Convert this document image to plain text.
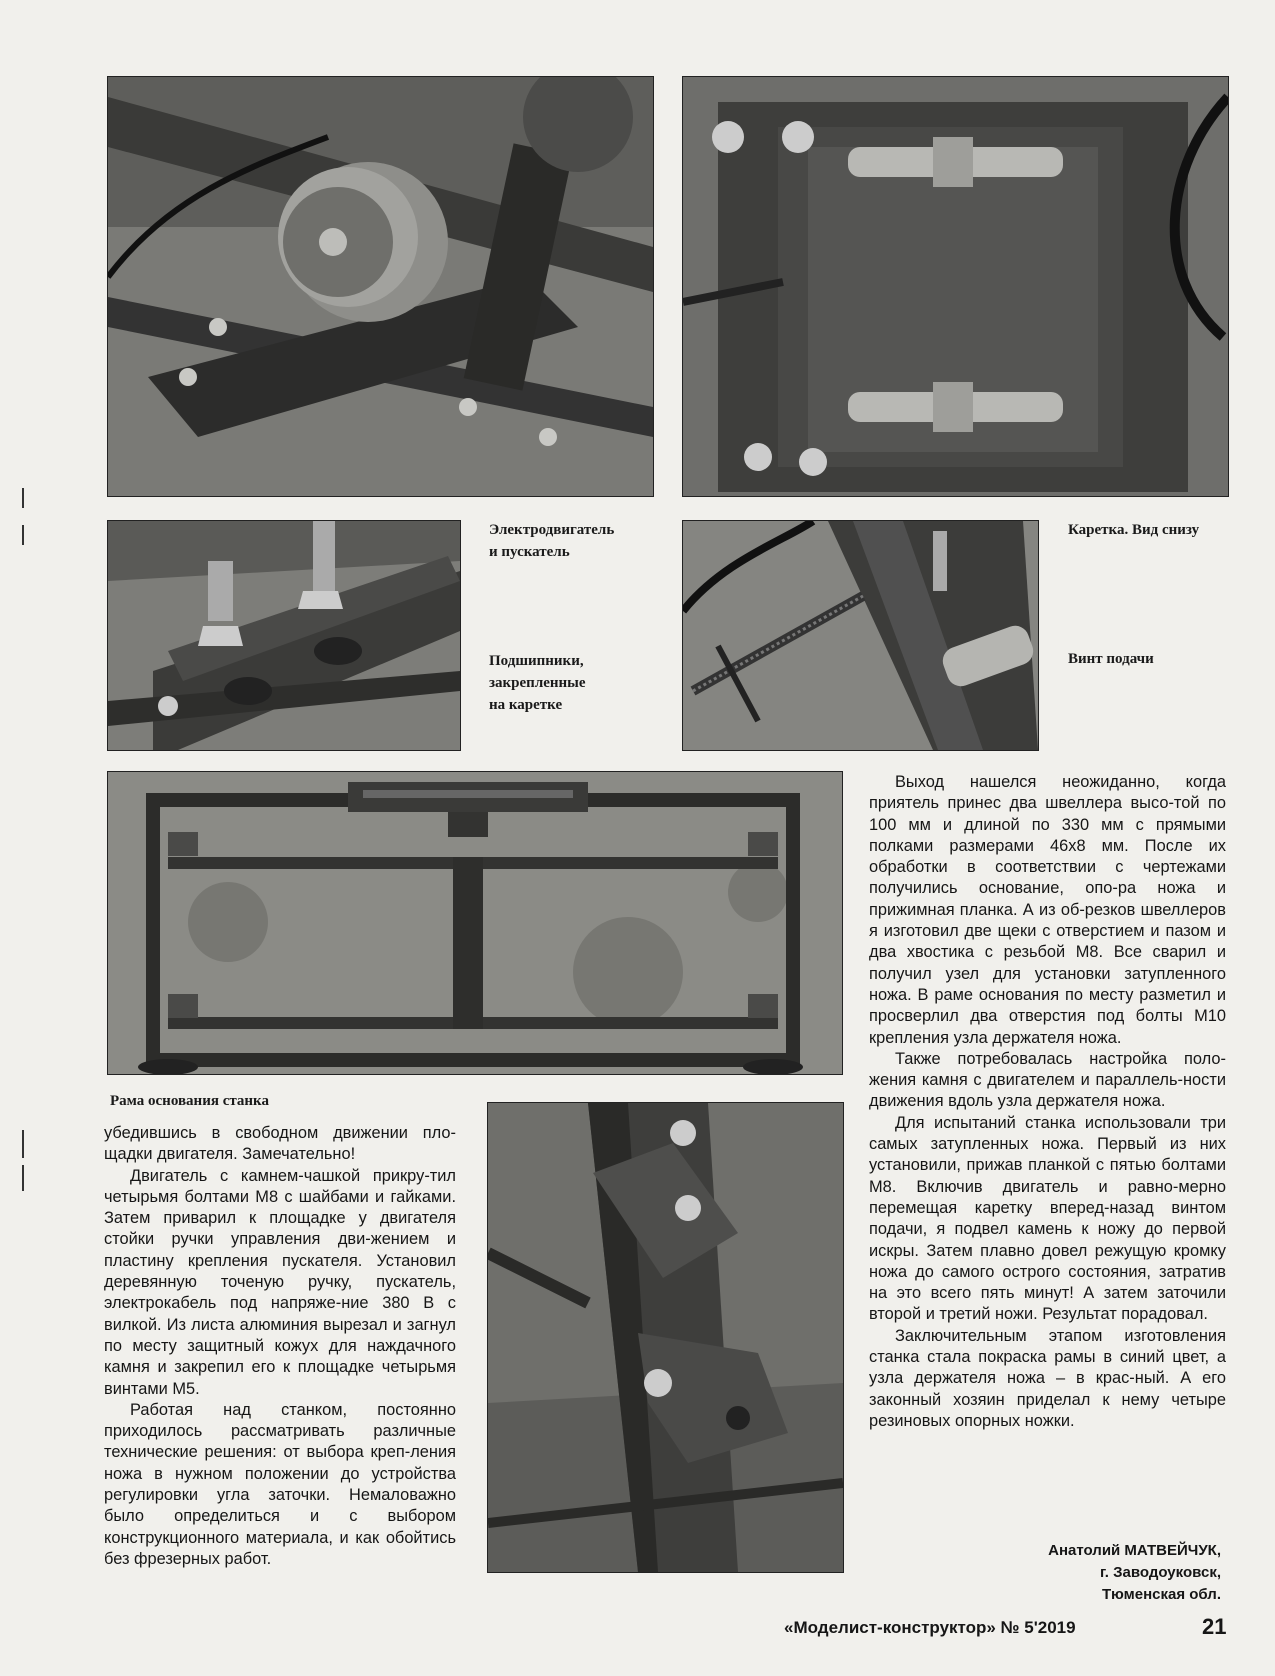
Электродвигатель
и пускатель
Каретка. Вид снизу
Подшипники,
закрепленные
на каретке
Винт подачи
Рама основания станка

убедившись в свободном движении пло-щадки двигателя. Замечательно!

Двигатель с камнем-чашкой прикру-тил четырьмя болтами М8 с шайбами и гайками. Затем приварил к площадке у двигателя стойки ручки управления дви-жением и пластину крепления пускателя. Установил деревянную точеную ручку, пускатель, электрокабель под напряже-ние 380 В с вилкой. Из листа алюминия вырезал и загнул по месту защитный кожух для наждачного камня и закрепил его к площадке четырьмя винтами М5.

Работая над станком, постоянно приходилось рассматривать различные технические решения: от выбора креп-ления ножа в нужном положении до устройства регулировки угла заточки. Немаловажно было определиться и с выбором конструкционного материала, и как обойтись без фрезерных работ.

Выход нашелся неожиданно, когда приятель принес два швеллера высо-той по 100 мм и длиной по 330 мм с прямыми полками размерами 46х8 мм. После их обработки в соответствии с чертежами получились основание, опо-ра ножа и прижимная планка. А из об-резков швеллеров я изготовил две щеки с отверстием и пазом и два хвостика с резьбой М8. Все сварил и получил узел для установки затупленного ножа. В раме основания по месту разметил и просверлил два отверстия под болты М10 крепления узла держателя ножа.

Также потребовалась настройка поло-жения камня с двигателем и параллель-ности движения вдоль узла держателя ножа.

Для испытаний станка использовали три самых затупленных ножа. Первый из них установили, прижав планкой с пятью болтами М8. Включив двигатель и равно-мерно перемещая каретку вперед-назад винтом подачи, я подвел камень к ножу до первой искры. Затем плавно довел режущую кромку ножа до самого острого состояния, затратив на это всего пять минут! А затем заточили второй и третий ножи. Результат порадовал.

Заключительным этапом изготовления станка стала покраска рамы в синий цвет, а узла держателя ножа – в крас-ный. А его законный хозяин приделал к нему четыре резиновых опорных ножки.

Анатолий МАТВЕЙЧУК,
г. Заводоуковск,
Тюменская обл.
«Моделист-конструктор» № 5'2019	21
